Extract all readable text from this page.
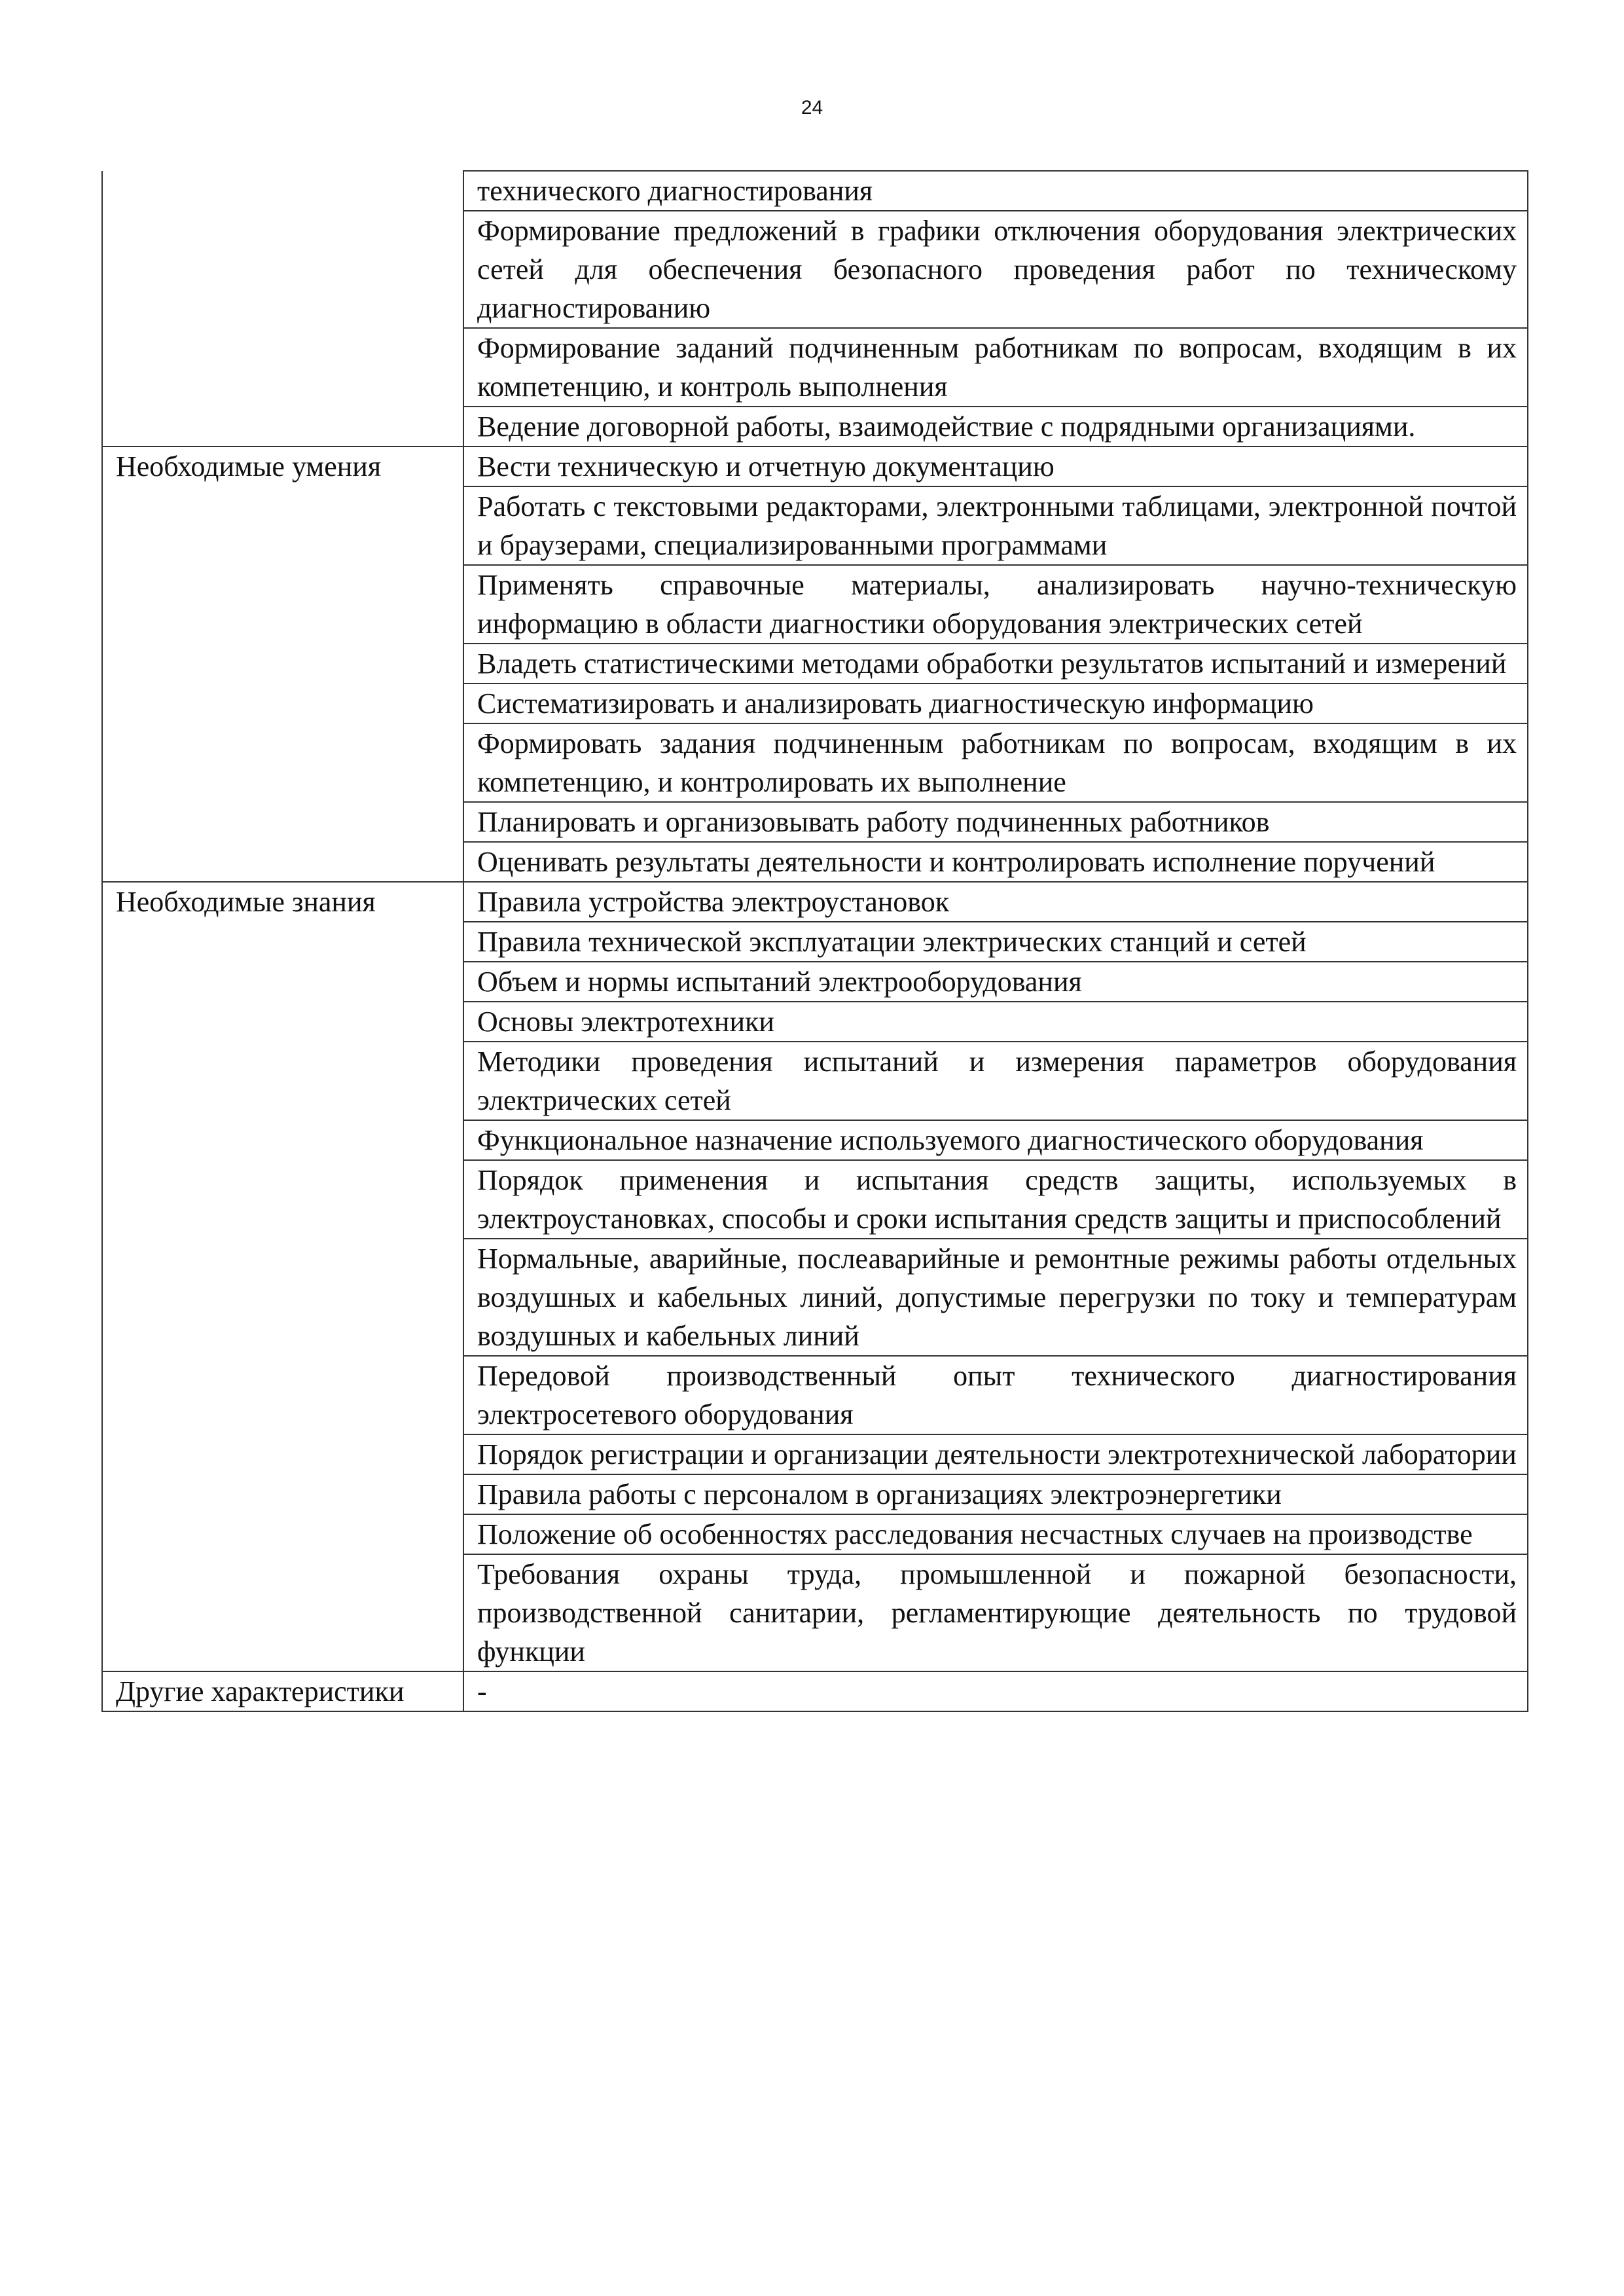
24
	технического диагностирования
	Формирование предложений в графики отключения оборудования электрических сетей для обеспечения безопасного проведения работ по техническому диагностированию
	Формирование заданий подчиненным работникам по вопросам, входящим в их компетенцию, и контроль выполнения
	Ведение договорной работы, взаимодействие с подрядными организациями.
Необходимые умения	Вести техническую и отчетную документацию
	Работать с текстовыми редакторами, электронными таблицами, электронной почтой и браузерами, специализированными программами
	Применять справочные материалы, анализировать научно-техническую информацию в области диагностики оборудования электрических сетей
	Владеть статистическими методами обработки результатов испытаний и измерений
	Систематизировать и анализировать диагностическую информацию
	Формировать задания подчиненным работникам по вопросам, входящим в их компетенцию, и контролировать их выполнение
	Планировать и организовывать работу подчиненных работников
	Оценивать результаты деятельности и контролировать исполнение поручений
Необходимые знания	Правила устройства электроустановок
	Правила технической эксплуатации электрических станций и сетей
	Объем и нормы испытаний электрооборудования
	Основы электротехники
	Методики проведения испытаний и измерения параметров оборудования электрических сетей
	Функциональное назначение используемого диагностического оборудования
	Порядок применения и испытания средств защиты, используемых в электроустановках, способы и сроки испытания средств защиты и приспособлений
	Нормальные, аварийные, послеаварийные и ремонтные режимы работы отдельных воздушных и кабельных линий, допустимые перегрузки по току и температурам воздушных и кабельных линий
	Передовой производственный опыт технического диагностирования электросетевого оборудования
	Порядок регистрации и организации деятельности электротехнической лаборатории
	Правила работы с персоналом в организациях электроэнергетики
	Положение об особенностях расследования несчастных случаев на производстве
	Требования охраны труда, промышленной и пожарной безопасности, производственной санитарии, регламентирующие деятельность по трудовой функции
Другие характеристики	-
